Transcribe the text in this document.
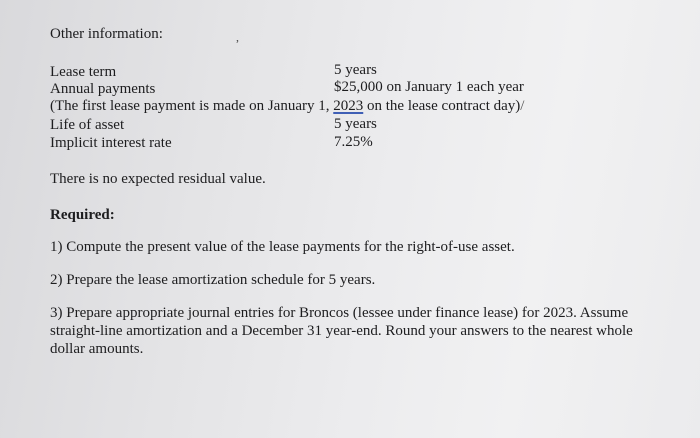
Other information:	,
Lease term	5 years
Annual payments	$25,000 on January 1 each year
(The first lease payment is made on January 1, 2023 on the lease contract day)/
Life of asset	5 years
Implicit interest rate	7.25%
There is no expected residual value.
Required:
1) Compute the present value of the lease payments for the right-of-use asset.
2) Prepare the lease amortization schedule for 5 years.
3) Prepare appropriate journal entries for Broncos (lessee under finance lease) for 2023. Assume
straight-line amortization and a December 31 year-end. Round your answers to the nearest whole
dollar amounts.
